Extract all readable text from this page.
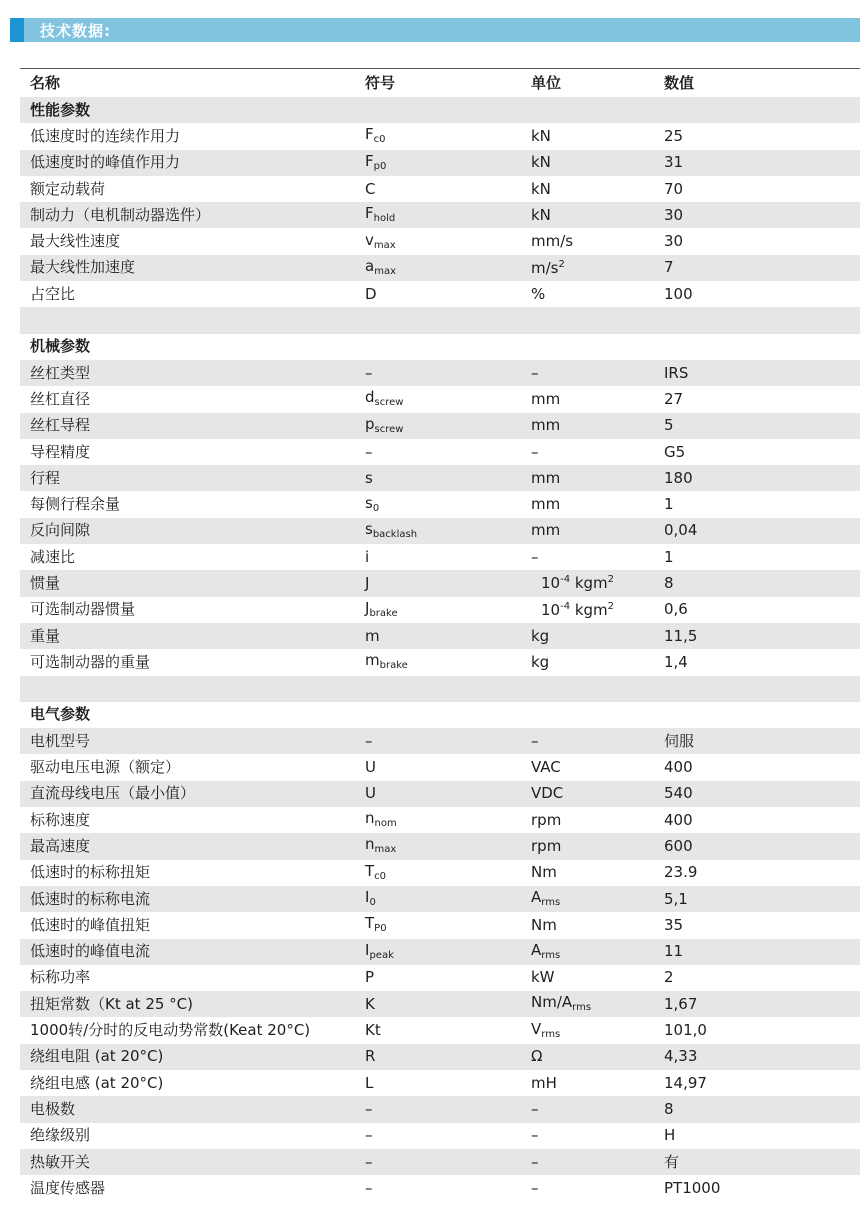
技术数据:
名称	符号	单位	数值
性能参数
低速度时的连续作用力	$F_{c0}$	kN	25
低速度时的峰值作用力	$F_{p0}$	kN	31
额定动载荷	C	kN	70
制动力（电机制动器选件）	$F_{hold}$	kN	30
最大线性速度	$v_{max}$	mm/s	30
最大线性加速度	$a_{max}$	$m/s^2$	7
占空比	D	%	100
机械参数
丝杠类型	–	–	IRS
丝杠直径	$d_{screw}$	mm	27
丝杠导程	$p_{screw}$	mm	5
导程精度	–	–	G5
行程	s	mm	180
每侧行程余量	$s_0$	mm	1
反向间隙	$s_{backlash}$	mm	0,04
减速比	i	–	1
惯量	J	$10^{-4}$ kgm$^2$	8
可选制动器惯量	$J_{brake}$	$10^{-4}$ kgm$^2$	0,6
重量	m	kg	11,5
可选制动器的重量	$m_{brake}$	kg	1,4
电气参数
电机型号	–	–	伺服
驱动电压电源（额定）	U	VAC	400
直流母线电压（最小值）	U	VDC	540
标称速度	$n_{nom}$	rpm	400
最高速度	$n_{max}$	rpm	600
低速时的标称扭矩	$T_{c0}$	Nm	23.9
低速时的标称电流	$I_0$	$A_{rms}$	5,1
低速时的峰值扭矩	$T_{P0}$	Nm	35
低速时的峰值电流	$I_{peak}$	$A_{rms}$	11
标称功率	P	kW	2
扭矩常数（Kt at 25 °C)	K	$Nm/A_{rms}$	1,67
1000转/分时的反电动势常数(Keat 20°C)	Kt	$V_{rms}$	101,0
绕组电阻 (at 20°C)	R	Ω	4,33
绕组电感 (at 20°C)	L	mH	14,97
电极数	–	–	8
绝缘级别	–	–	H
热敏开关	–	–	有
温度传感器	–	–	PT1000
